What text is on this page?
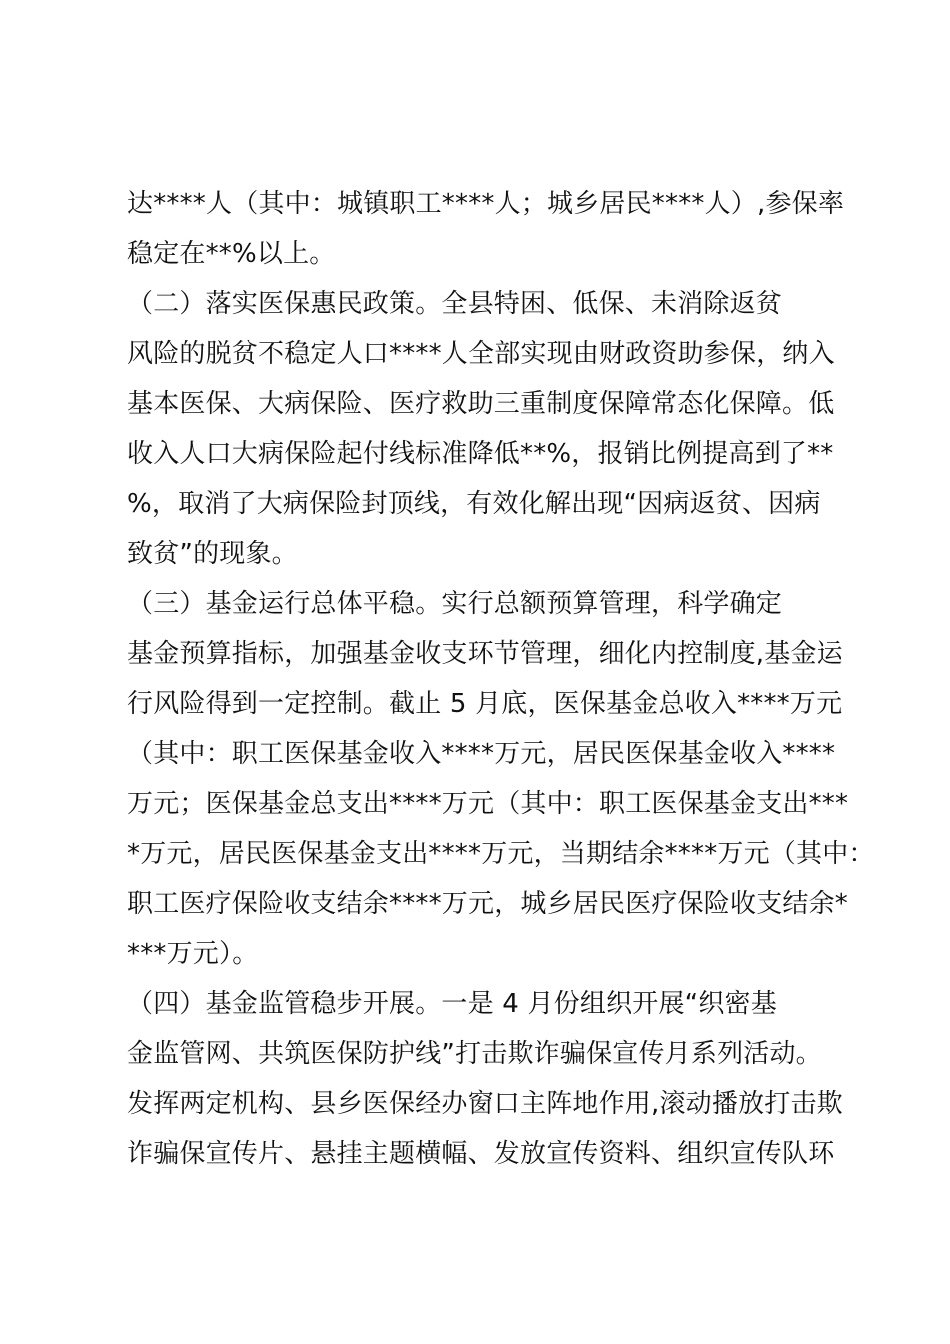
达****人（其中：城镇职工****人；城乡居民****人）,参保率
稳定在**%以上。
（二）落实医保惠民政策。全县特困、低保、未消除返贫
风险的脱贫不稳定人口****人全部实现由财政资助参保，纳入
基本医保、大病保险、医疗救助三重制度保障常态化保障。低
收入人口大病保险起付线标准降低**%，报销比例提高到了**
%，取消了大病保险封顶线，有效化解出现“因病返贫、因病
致贫”的现象。
（三）基金运行总体平稳。实行总额预算管理，科学确定
基金预算指标，加强基金收支环节管理，细化内控制度,基金运
行风险得到一定控制。截止 5 月底，医保基金总收入****万元
（其中：职工医保基金收入****万元，居民医保基金收入****
万元；医保基金总支出****万元（其中：职工医保基金支出***
*万元，居民医保基金支出****万元，当期结余****万元（其中：
职工医疗保险收支结余****万元，城乡居民医疗保险收支结余*
***万元）。
（四）基金监管稳步开展。一是 4 月份组织开展“织密基
金监管网、共筑医保防护线”打击欺诈骗保宣传月系列活动。
发挥两定机构、县乡医保经办窗口主阵地作用,滚动播放打击欺
诈骗保宣传片、悬挂主题横幅、发放宣传资料、组织宣传队环
